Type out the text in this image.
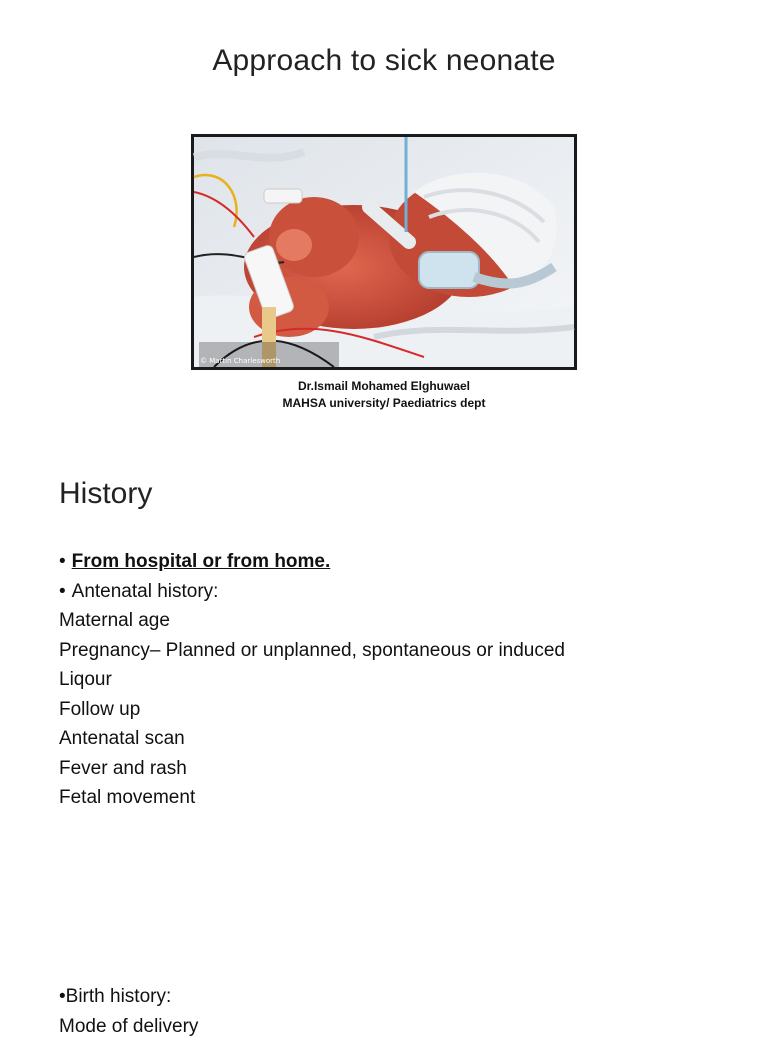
Approach to sick neonate
© Martin Charlesworth
Dr.Ismail Mohamed Elghuwael
MAHSA university/ Paediatrics dept
History
• From hospital or from home.
• Antenatal history:
Maternal age
Pregnancy– Planned or unplanned, spontaneous or induced
Liqour
Follow up
Antenatal scan
Fever and rash
Fetal movement
•Birth history:
Mode of delivery
